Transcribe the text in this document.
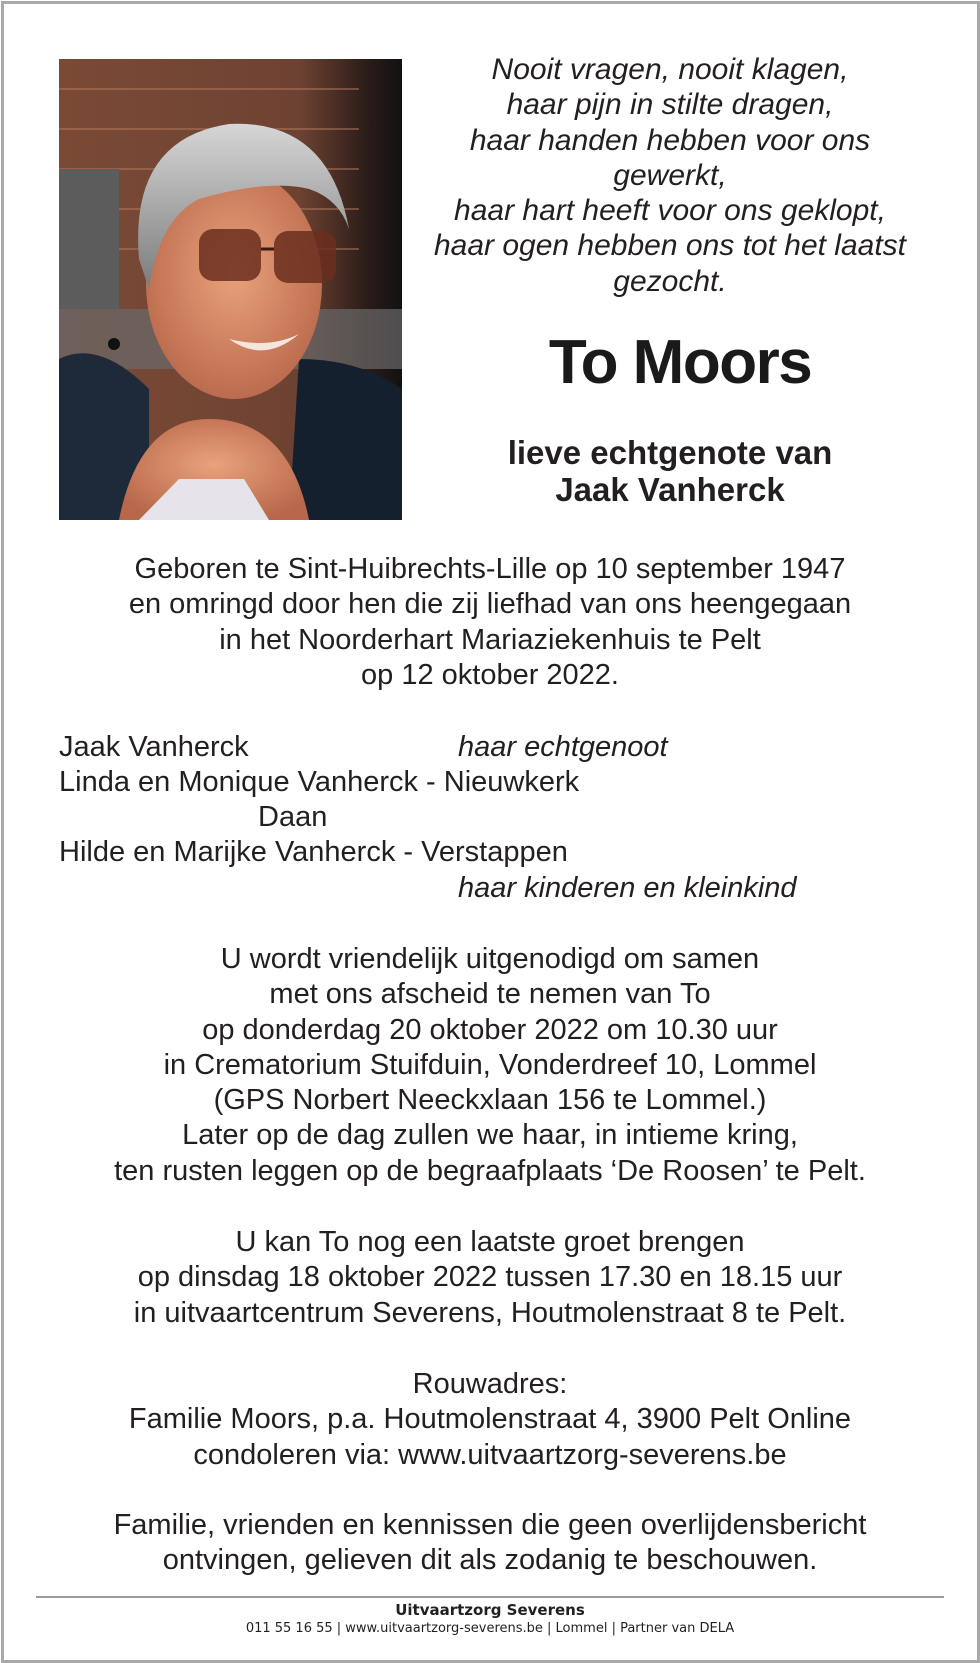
Nooit vragen, nooit klagen,
haar pijn in stilte dragen,
haar handen hebben voor ons
gewerkt,
haar hart heeft voor ons geklopt,
haar ogen hebben ons tot het laatst
gezocht.
To Moors
lieve echtgenote van
Jaak Vanherck
Geboren te Sint-Huibrechts-Lille op 10 september 1947
en omringd door hen die zij liefhad van ons heengegaan
in het Noorderhart Mariaziekenhuis te Pelt
op 12 oktober 2022.
Jaak Vanherck	haar echtgenoot
Linda en Monique Vanherck - Nieuwkerk
Daan
Hilde en Marijke Vanherck - Verstappen
haar kinderen en kleinkind
U wordt vriendelijk uitgenodigd om samen
met ons afscheid te nemen van To
op donderdag 20 oktober 2022 om 10.30 uur
in Crematorium Stuifduin, Vonderdreef 10, Lommel
(GPS Norbert Neeckxlaan 156 te Lommel.)
Later op de dag zullen we haar, in intieme kring,
ten rusten leggen op de begraafplaats ‘De Roosen’ te Pelt.
U kan To nog een laatste groet brengen
op dinsdag 18 oktober 2022 tussen 17.30 en 18.15 uur
in uitvaartcentrum Severens, Houtmolenstraat 8 te Pelt.
Rouwadres:
Familie Moors, p.a. Houtmolenstraat 4, 3900 Pelt Online
condoleren via: www.uitvaartzorg-severens.be
Familie, vrienden en kennissen die geen overlijdensbericht
ontvingen, gelieven dit als zodanig te beschouwen.
Uitvaartzorg Severens
011 55 16 55 | www.uitvaartzorg-severens.be | Lommel | Partner van DELA
